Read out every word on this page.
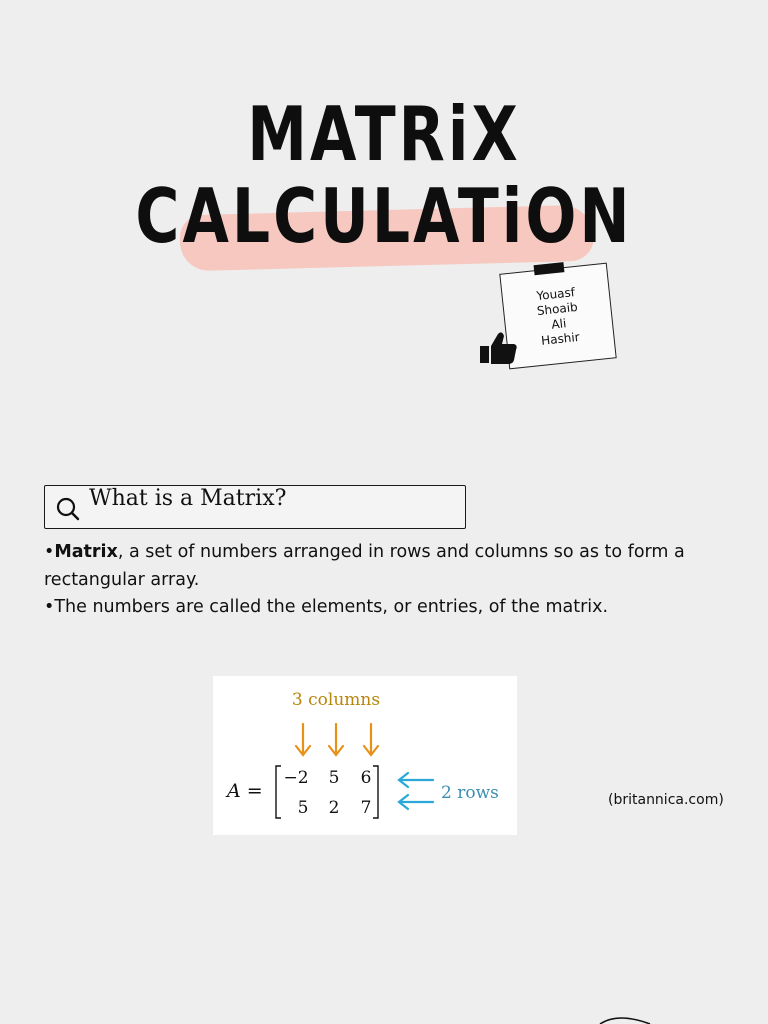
MATRiX
CALCULATiON
Youasf
Shoaib
Ali
Hashir
What is a Matrix?

•Matrix, a set of numbers arranged in rows and columns so as to form a rectangular array.

•The numbers are called the elements, or entries, of the matrix.

3 columns
A =
−2 5 6
5 2 7
2 rows	(britannica.com)
